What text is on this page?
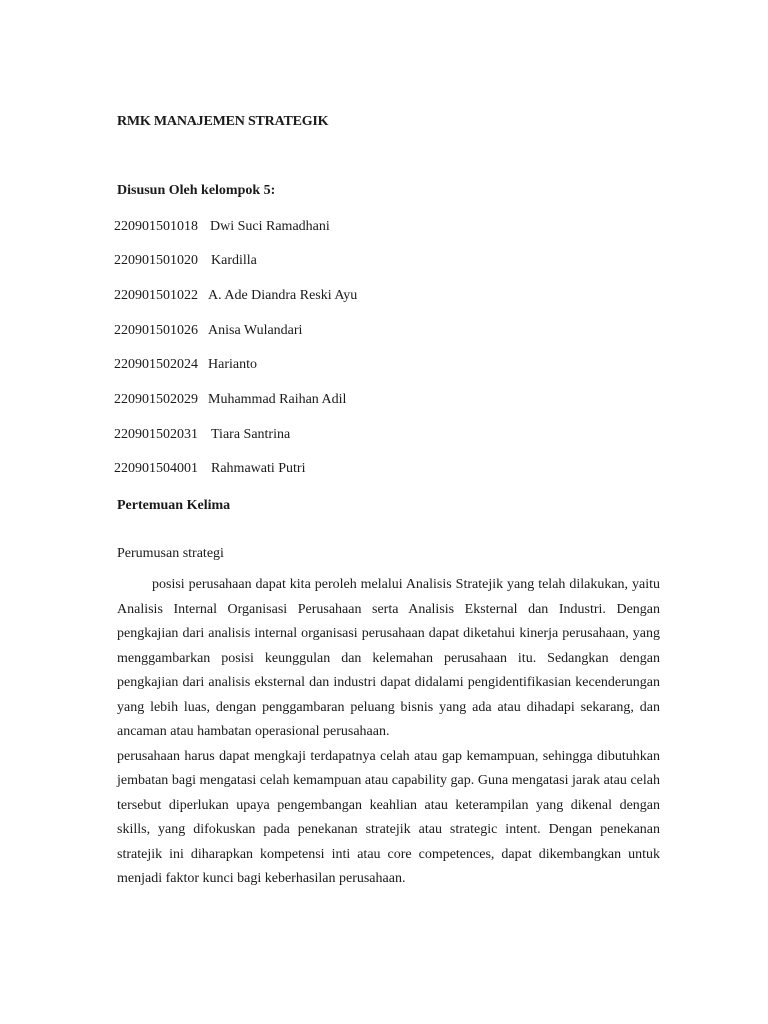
RMK MANAJEMEN STRATEGIK
Disusun Oleh kelompok 5:
220901501018 Dwi Suci Ramadhani
220901501020 Kardilla
220901501022 A. Ade Diandra Reski Ayu
220901501026 Anisa Wulandari
220901502024 Harianto
220901502029 Muhammad Raihan Adil
220901502031 Tiara Santrina
220901504001 Rahmawati Putri
Pertemuan Kelima
Perumusan strategi

posisi perusahaan dapat kita peroleh melalui Analisis Stratejik yang telah dilakukan, yaitu Analisis Internal Organisasi Perusahaan serta Analisis Eksternal dan Industri. Dengan pengkajian dari analisis internal organisasi perusahaan dapat diketahui kinerja perusahaan, yang menggambarkan posisi keunggulan dan kelemahan perusahaan itu. Sedangkan dengan pengkajian dari analisis eksternal dan industri dapat didalami pengidentifikasian kecenderungan yang lebih luas, dengan penggambaran peluang bisnis yang ada atau dihadapi sekarang, dan ancaman atau hambatan operasional perusahaan.

perusahaan harus dapat mengkaji terdapatnya celah atau gap kemampuan, sehingga dibutuhkan jembatan bagi mengatasi celah kemampuan atau capability gap. Guna mengatasi jarak atau celah tersebut diperlukan upaya pengembangan keahlian atau keterampilan yang dikenal dengan skills, yang difokuskan pada penekanan stratejik atau strategic intent. Dengan penekanan stratejik ini diharapkan kompetensi inti atau core competences, dapat dikembangkan untuk menjadi faktor kunci bagi keberhasilan perusahaan.
